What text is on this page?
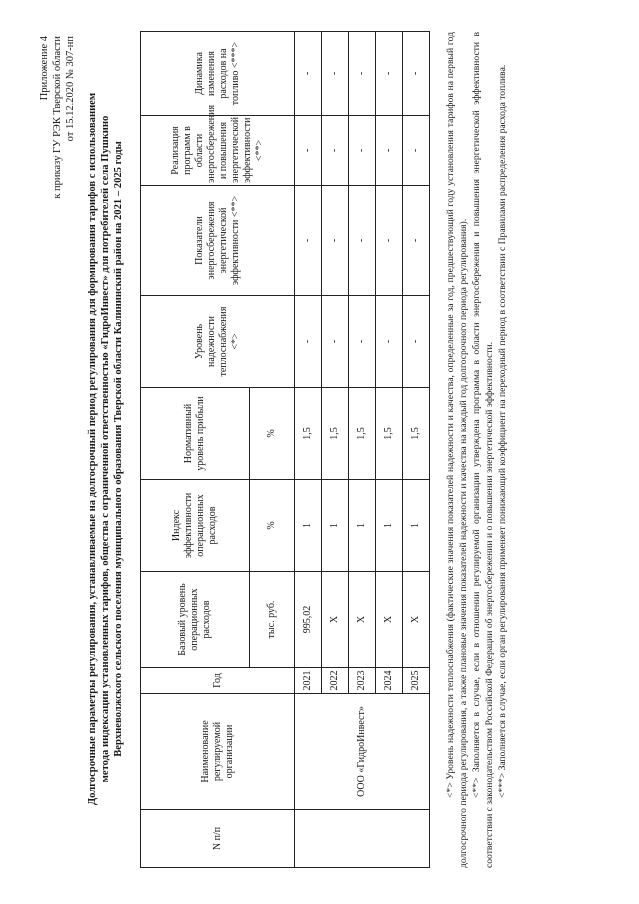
Приложение 4 к приказу ГУ РЭК Тверской области от 15.12.2020 № 307-нп
Долгосрочные параметры регулирования, устанавливаемые на долгосрочный период регулирования для формирования тарифов с использованием метода индексации установленных тарифов, общества с ограниченной ответственностью «ГидроИнвест» для потребителей села Пушкино Верхневолжского сельского поселения муниципального образования Тверской области Калининский район на 2021 – 2025 годы
N п/п	Наименование регулируемой организации	Год	Базовый уровень операционных расходов	Индекс эффективности операционных расходов	Нормативный уровень прибыли	Уровень надежности теплоснабжения <*>	Показатели энергосбережения энергетической эффективности <**>	Реализация программ в области энергосбережения и повышения энергетической эффективности <**>	Динамика изменения расходов на топливо <***>
			тыс. руб.	%	%				
	ООО «ГидроИнвест»	2021	995,02	1	1,5	-	-	-	-
		2022	Х	1	1,5	-	-	-	-
		2023	Х	1	1,5	-	-	-	-
		2024	Х	1	1,5	-	-	-	-
		2025	Х	1	1,5	-	-	-	-	<*> Уровень надежности теплоснабжения (фактические значения показателей надежности и качества, определенные за год, предшествующий году установления тарифов на первый год долгосрочного периода регулирования, а также плановые значения показателей надежности и качества на каждый год долгосрочного периода регулирования). <**> Заполняется в случае, если в отношении регулируемой организации утверждена программа в области энергосбережения и повышения энергетической эффективности в соответствии с законодательством Российской Федерации об энергосбережении и о повышении энергетической эффективности. <***> Заполняется в случае, если орган регулирования применяет понижающий коэффициент на переходный период в соответствии с Правилами распределения расхода топлива.
